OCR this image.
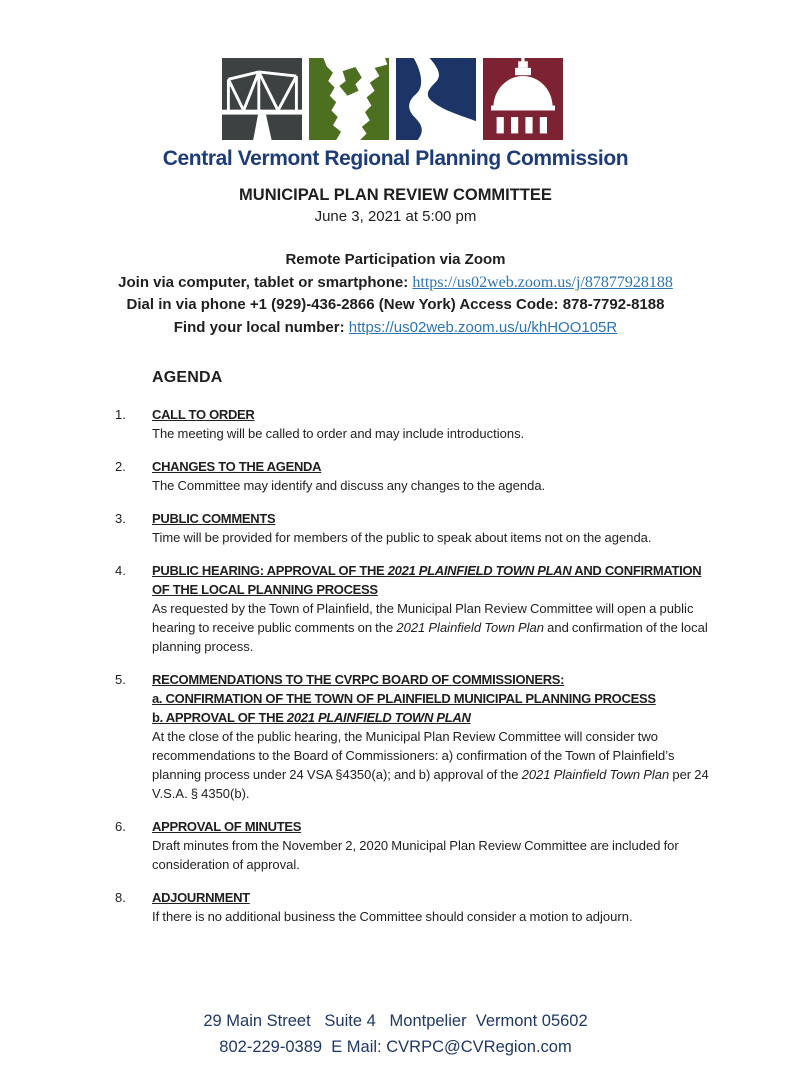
Central Vermont Regional Planning Commission
MUNICIPAL PLAN REVIEW COMMITTEE
June 3, 2021 at 5:00 pm
Remote Participation via Zoom
Join via computer, tablet or smartphone: https://us02web.zoom.us/j/87877928188
Dial in via phone +1 (929)-436-2866 (New York) Access Code: 878-7792-8188
Find your local number: https://us02web.zoom.us/u/khHOO105R
AGENDA
1.	CALL TO ORDER
The meeting will be called to order and may include introductions.
2.	CHANGES TO THE AGENDA
The Committee may identify and discuss any changes to the agenda.
3.	PUBLIC COMMENTS
Time will be provided for members of the public to speak about items not on the agenda.
4.	PUBLIC HEARING: APPROVAL OF THE 2021 PLAINFIELD TOWN PLAN AND CONFIRMATION OF THE LOCAL PLANNING PROCESS
As requested by the Town of Plainfield, the Municipal Plan Review Committee will open a public hearing to receive public comments on the 2021 Plainfield Town Plan and confirmation of the local planning process.
5.	RECOMMENDATIONS TO THE CVRPC BOARD OF COMMISSIONERS:
a. CONFIRMATION OF THE TOWN OF PLAINFIELD MUNICIPAL PLANNING PROCESS
b. APPROVAL OF THE 2021 PLAINFIELD TOWN PLAN
At the close of the public hearing, the Municipal Plan Review Committee will consider two recommendations to the Board of Commissioners: a) confirmation of the Town of Plainfield’s planning process under 24 VSA §4350(a); and b) approval of the 2021 Plainfield Town Plan per 24 V.S.A. § 4350(b).
6.	APPROVAL OF MINUTES
Draft minutes from the November 2, 2020 Municipal Plan Review Committee are included for consideration of approval.
8.	ADJOURNMENT
If there is no additional business the Committee should consider a motion to adjourn.
29 Main Street   Suite 4   Montpelier  Vermont 05602
802-229-0389  E Mail: CVRPC@CVRegion.com
